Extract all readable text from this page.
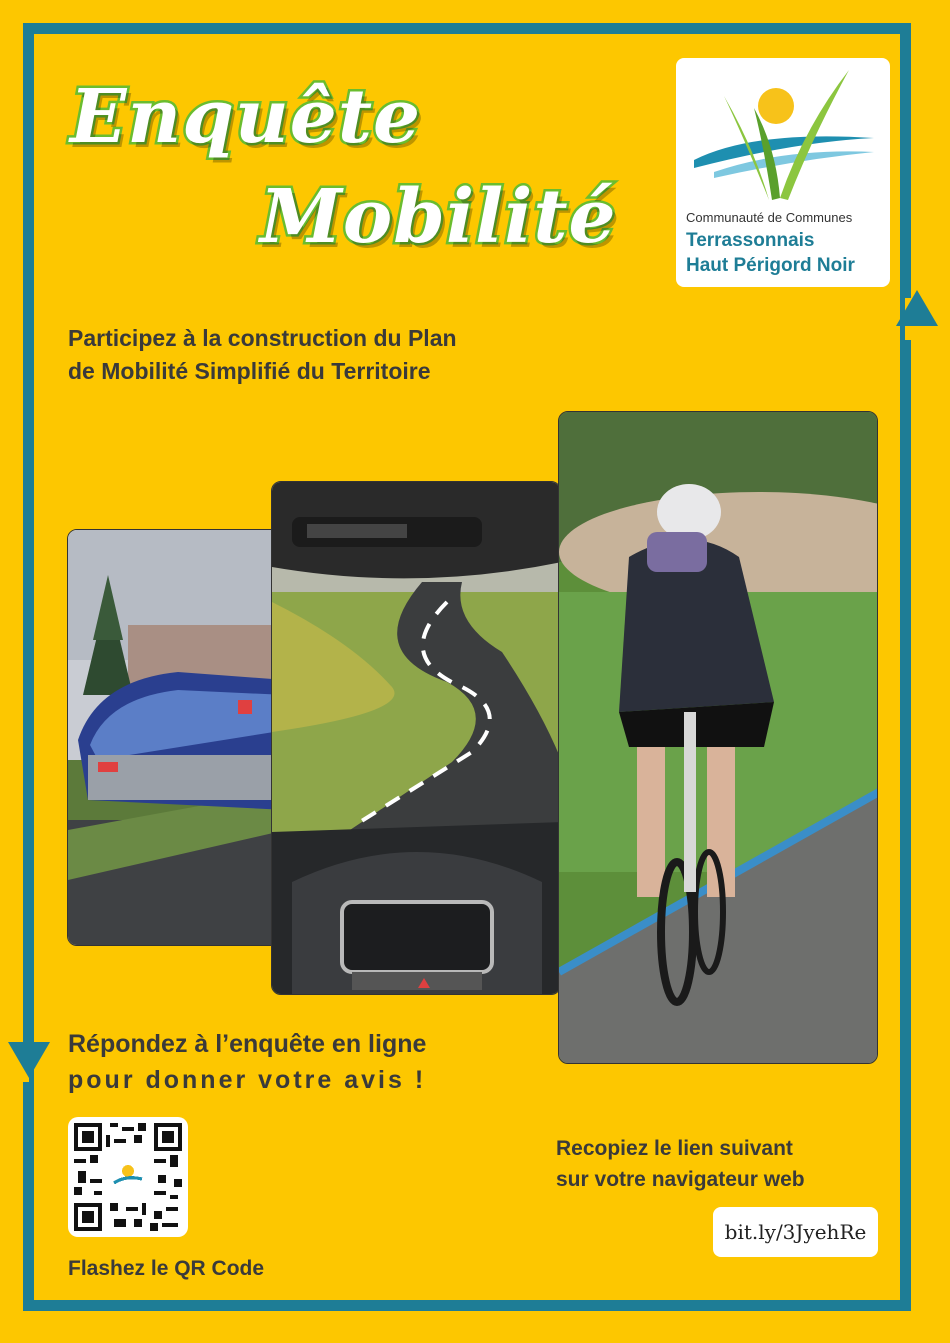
Enquête
Mobilité	Communauté de Communes
Terrassonnais
Haut Périgord Noir

Participez à la construction du Plan
de Mobilité Simplifié du Territoire

Répondez à l’enquête en ligne

pour donner votre avis !

Flashez le QR Code

Recopiez le lien suivant
sur votre navigateur web

bit.ly/3JyehRe
